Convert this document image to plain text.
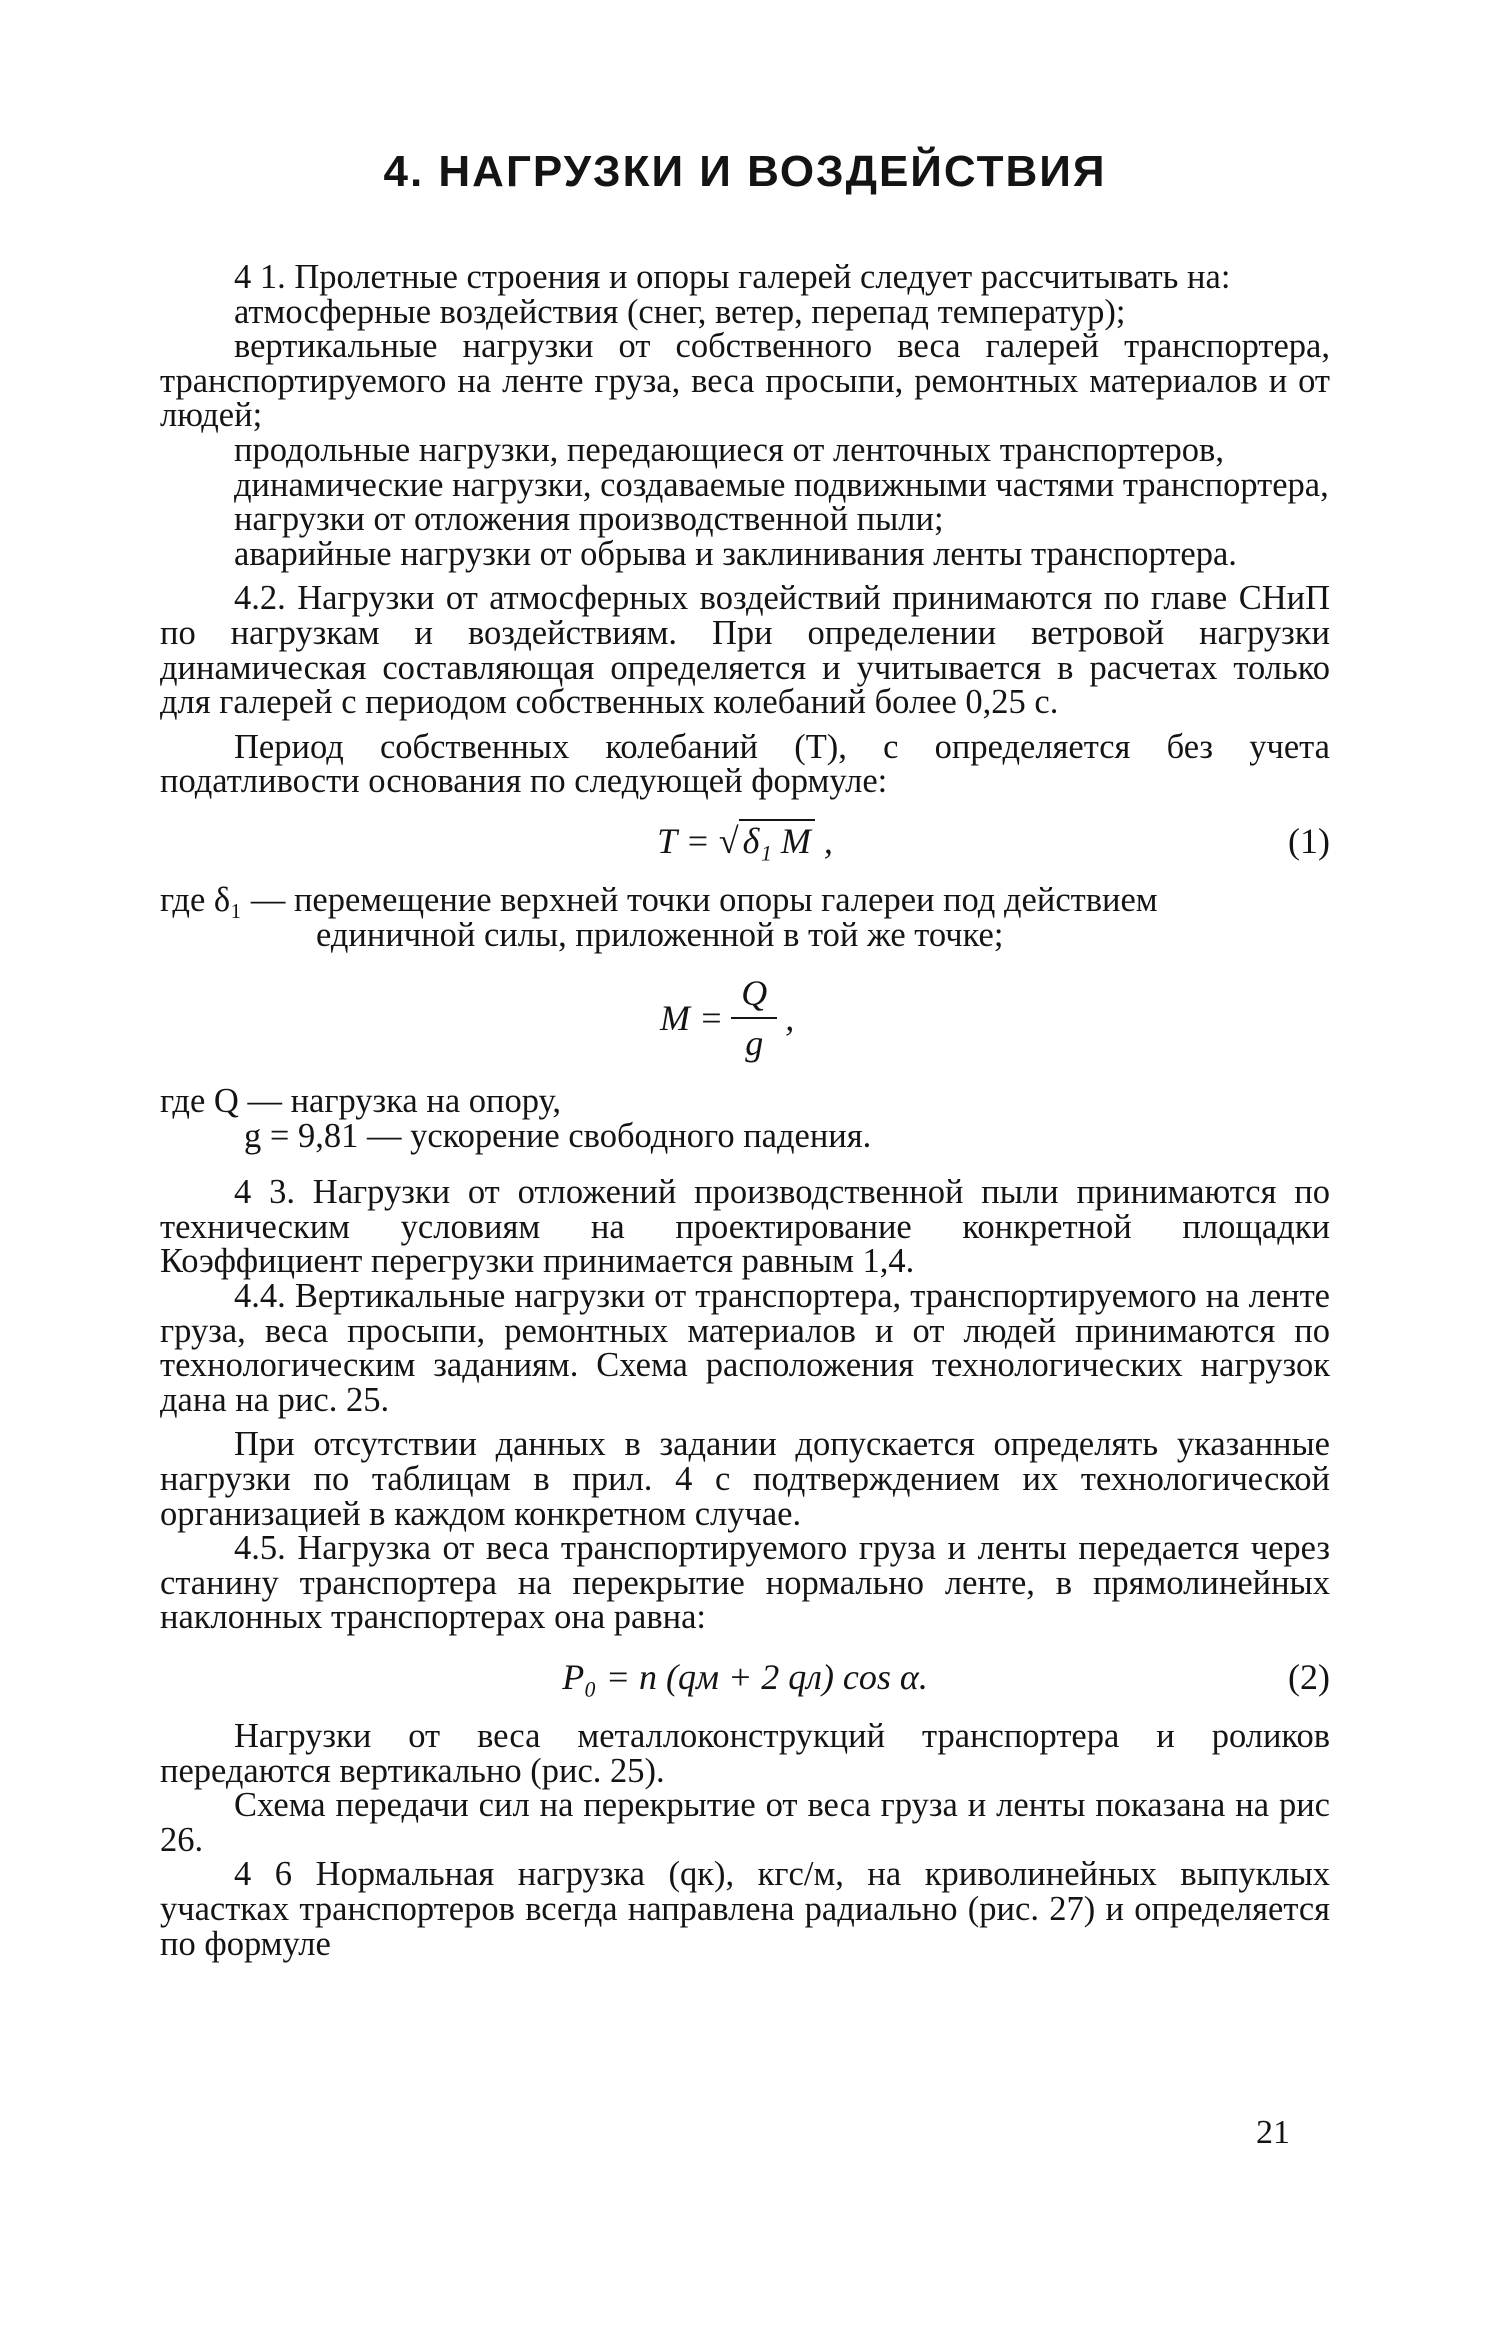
4. НАГРУЗКИ И ВОЗДЕЙСТВИЯ

4 1. Пролетные строения и опоры галерей следует рассчитывать на:

атмосферные воздействия (снег, ветер, перепад температур);

вертикальные нагрузки от собственного веса галерей транспортера, транспортируемого на ленте груза, веса просыпи, ремонтных материалов и от людей;

продольные нагрузки, передающиеся от ленточных транспортеров,

динамические нагрузки, создаваемые подвижными частями транспортера,

нагрузки от отложения производственной пыли;

аварийные нагрузки от обрыва и заклинивания ленты транспортера.

4.2. Нагрузки от атмосферных воздействий принимаются по главе СНиП по нагрузкам и воздействиям. При определении ветровой нагрузки динамическая составляющая определяется и учитывается в расчетах только для галерей с периодом собственных колебаний более 0,25 с.

Период собственных колебаний (T), с определяется без учета податливости основания по следующей формуле:

T = √ δ₁ M ,	(1)

где δ₁ — перемещение верхней точки опоры галереи под действием

единичной силы, приложенной в той же точке;

M =
Q
g
,

где Q — нагрузка на опору,

g = 9,81 — ускорение свободного падения.

4 3. Нагрузки от отложений производственной пыли принимаются по техническим условиям на проектирование конкретной площадки Коэффициент перегрузки принимается равным 1,4.

4.4. Вертикальные нагрузки от транспортера, транспортируемого на ленте груза, веса просыпи, ремонтных материалов и от людей принимаются по технологическим заданиям. Схема расположения технологических нагрузок дана на рис. 25.

При отсутствии данных в задании допускается определять указанные нагрузки по таблицам в прил. 4 с подтверждением их технологической организацией в каждом конкретном случае.

4.5. Нагрузка от веса транспортируемого груза и ленты передается через станину транспортера на перекрытие нормально ленте, в прямолинейных наклонных транспортерах она равна:

P₀ = n (qм + 2 qл) cos α.	(2)

Нагрузки от веса металлоконструкций транспортера и роликов передаются вертикально (рис. 25).

Схема передачи сил на перекрытие от веса груза и ленты показана на рис 26.

4 6 Нормальная нагрузка (qк), кгс/м, на криволинейных выпуклых участках транспортеров всегда направлена радиально (рис. 27) и определяется по формуле

21
